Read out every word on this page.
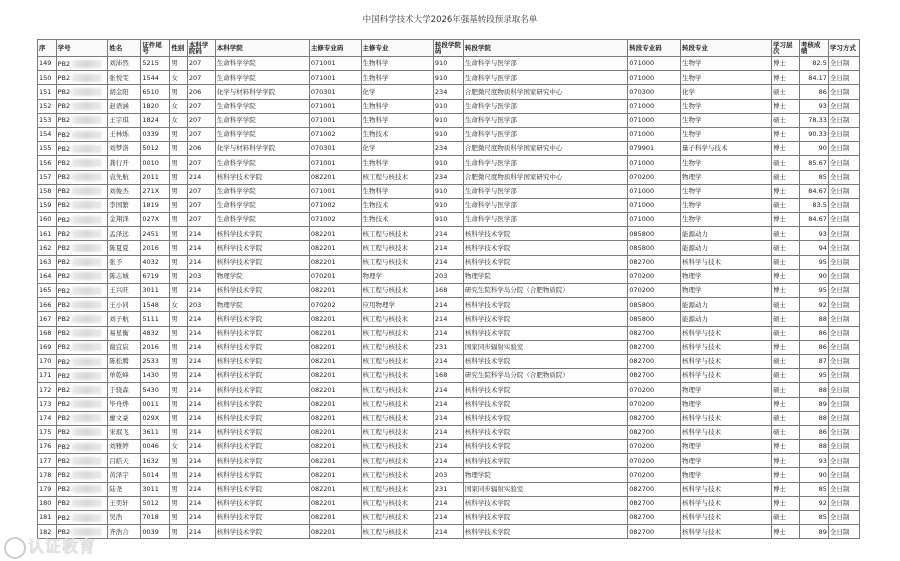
中国科学技术大学2026年强基转段预录取名单
序	学号	姓名	证件尾号	性别	本科学院码	本科学院	主修专业码	主修专业	转段学院码	转段学院	转段专业码	转段专业	学习层次	考核成绩	学习方式
149	PB2	刘沛然	5215	男	207	生命科学学院	071001	生物科学	910	生命科学与医学部	071000	生物学	博士	82.5	全日制
150	PB2	张悦雯	1544	女	207	生命科学学院	071001	生物科学	910	生命科学与医学部	071000	生物学	博士	84.17	全日制
151	PB2	胡金阳	6510	男	206	化学与材料科学学院	070301	化学	234	合肥微尺度物质科学国家研究中心	070300	化学	硕士	86	全日制
152	PB2	赵语涵	1820	女	207	生命科学学院	071001	生物科学	910	生命科学与医学部	071000	生物学	博士	93	全日制
153	PB2	王宇琪	1824	女	207	生命科学学院	071001	生物科学	910	生命科学与医学部	071000	生物学	硕士	78.33	全日制
154	PB2	王林烁	0339	男	207	生命科学学院	071002	生物技术	910	生命科学与医学部	071000	生物学	博士	90.33	全日制
155	PB2	刘梦洛	5012	男	206	化学与材料科学学院	070301	化学	234	合肥微尺度物质科学国家研究中心	079901	量子科学与技术	博士	90	全日制
156	PB2	龚行开	0010	男	207	生命科学学院	071001	生物科学	910	生命科学与医学部	071000	生物学	硕士	85.67	全日制
157	PB2	袁先航	2011	男	214	核科学技术学院	082201	核工程与核技术	234	合肥微尺度物质科学国家研究中心	070200	物理学	硕士	85	全日制
158	PB2	刘俊杰	271X	男	207	生命科学学院	071001	生物科学	910	生命科学与医学部	071000	生物学	博士	84.67	全日制
159	PB2	李国繁	1819	男	207	生命科学学院	071002	生物技术	910	生命科学与医学部	071000	生物学	硕士	83.5	全日制
160	PB2	金翔泽	027X	男	207	生命科学学院	071002	生物技术	910	生命科学与医学部	071000	生物学	博士	84.67	全日制
161	PB2	孟泽远	2451	男	214	核科学技术学院	082201	核工程与核技术	214	核科学技术学院	085800	能源动力	硕士	93	全日制
162	PB2	陈夏夏	2016	男	214	核科学技术学院	082201	核工程与核技术	214	核科学技术学院	085800	能源动力	硕士	94	全日制
163	PB2	张予	4032	男	214	核科学技术学院	082201	核工程与核技术	214	核科学技术学院	082700	核科学与技术	硕士	95	全日制
164	PB2	陈志城	6719	男	203	物理学院	070201	物理学	203	物理学院	070200	物理学	博士	90	全日制
165	PB2	王兴旺	3011	男	214	核科学技术学院	082201	核工程与核技术	168	研究生院科学岛分院（合肥物质院）	070200	物理学	博士	95	全日制
166	PB2	王小同	1548	女	203	物理学院	070202	应用物理学	214	核科学技术学院	085800	能源动力	硕士	92	全日制
167	PB2	刘子航	5111	男	214	核科学技术学院	082201	核工程与核技术	214	核科学技术学院	085800	能源动力	硕士	88	全日制
168	PB2	易星衡	4832	男	214	核科学技术学院	082201	核工程与核技术	214	核科学技术学院	082700	核科学与技术	硕士	86	全日制
169	PB2	谢宜宸	2016	男	214	核科学技术学院	082201	核工程与核技术	231	国家同步辐射实验室	082700	核科学与技术	博士	86	全日制
170	PB2	陈松腾	2533	男	214	核科学技术学院	082201	核工程与核技术	214	核科学技术学院	082700	核科学与技术	硕士	87	全日制
171	PB2	单乾峰	1430	男	214	核科学技术学院	082201	核工程与核技术	168	研究生院科学岛分院（合肥物质院）	082700	核科学与技术	硕士	95	全日制
172	PB2	于骁森	5430	男	214	核科学技术学院	082201	核工程与核技术	214	核科学技术学院	070200	物理学	硕士	88	全日制
173	PB2	毕舟烨	0011	男	214	核科学技术学院	082201	核工程与核技术	214	核科学技术学院	070200	物理学	博士	89	全日制
174	PB2	廖文豪	029X	男	214	核科学技术学院	082201	核工程与核技术	214	核科学技术学院	082700	核科学与技术	硕士	88	全日制
175	PB2	宋珉飞	3611	男	214	核科学技术学院	082201	核工程与核技术	214	核科学技术学院	082700	核科学与技术	硕士	86	全日制
176	PB2	刘雅婷	0046	女	214	核科学技术学院	082201	核工程与核技术	214	核科学技术学院	070200	物理学	博士	88	全日制
177	PB2	吕皓天	1632	男	214	核科学技术学院	082201	核工程与核技术	214	核科学技术学院	070200	物理学	博士	93	全日制
178	PB2	黄泽宇	5014	男	214	核科学技术学院	082201	核工程与核技术	203	物理学院	070200	物理学	博士	90	全日制
179	PB2	陆尧	3011	男	214	核科学技术学院	082201	核工程与核技术	231	国家同步辐射实验室	082700	核科学与技术	博士	85	全日制
180	PB2	王奕轩	5012	男	214	核科学技术学院	082201	核工程与核技术	214	核科学技术学院	082700	核科学与技术	博士	92	全日制
181	PB2	吴浩	7018	男	214	核科学技术学院	082201	核工程与核技术	214	核科学技术学院	082700	核科学与技术	硕士	85	全日制
182	PB2	齐浩合	0039	男	214	核科学技术学院	082201	核工程与核技术	214	核科学技术学院	082700	核科学与技术	博士	89	全日制
认证教育
